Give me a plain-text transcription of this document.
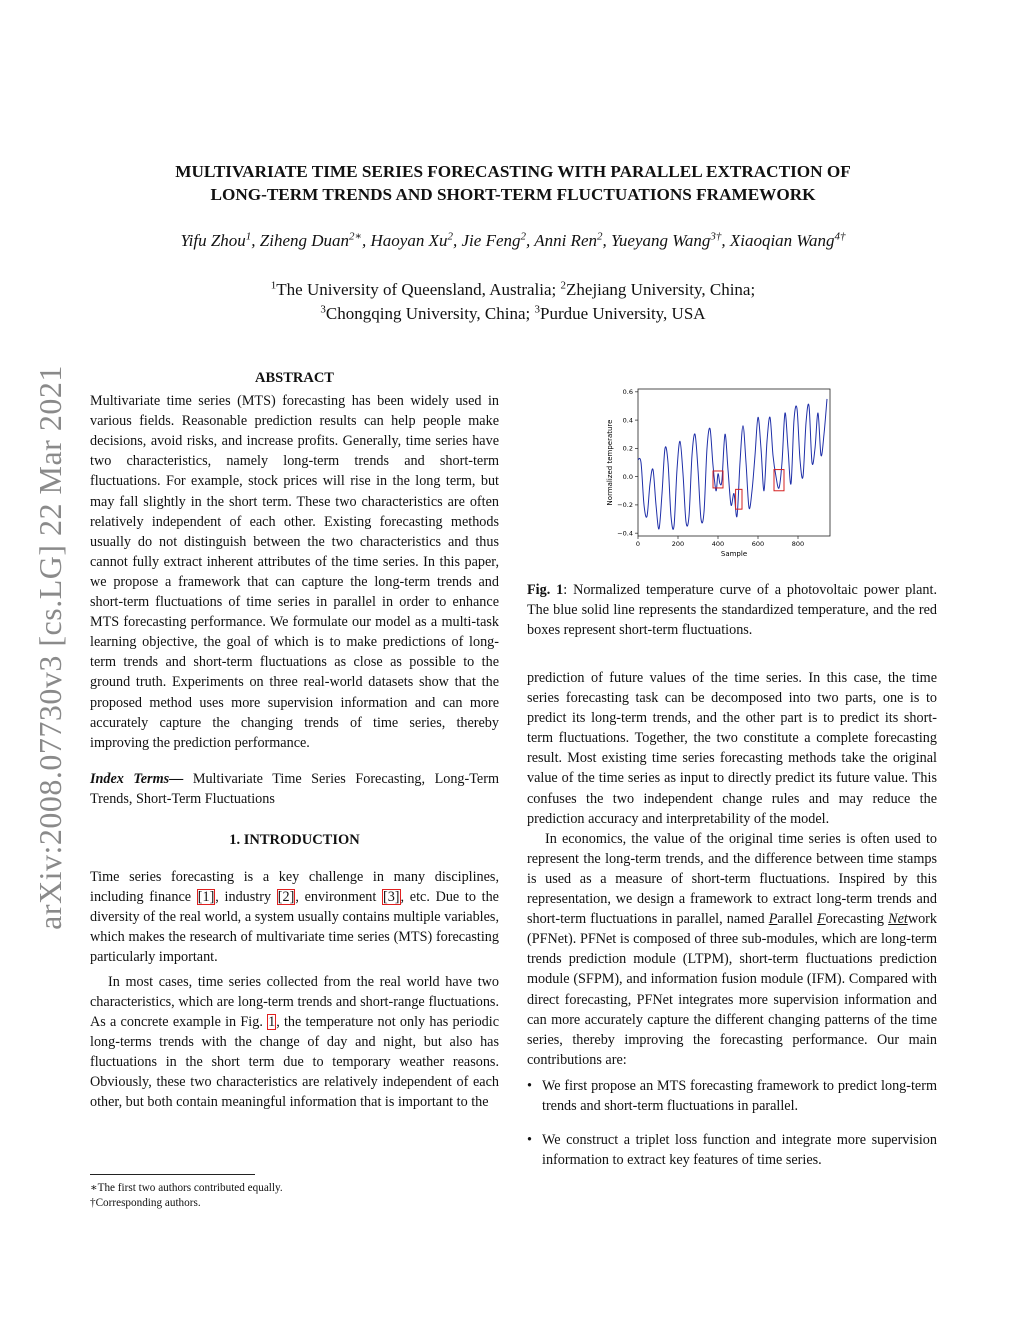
arXiv:2008.07730v3 [cs.LG] 22 Mar 2021
MULTIVARIATE TIME SERIES FORECASTING WITH PARALLEL EXTRACTION OF
LONG-TERM TRENDS AND SHORT-TERM FLUCTUATIONS FRAMEWORK
Yifu Zhou$^1$, Ziheng Duan$^{2∗}$, Haoyan Xu$^2$, Jie Feng$^2$, Anni Ren$^2$, Yueyang Wang$^{3\dagger}$, Xiaoqian Wang$^{4\dagger}$
$^1$The University of Queensland, Australia; $^2$Zhejiang University, China;
$^3$Chongqing University, China; $^3$Purdue University, USA

ABSTRACT

Multivariate time series (MTS) forecasting has been widely used in various fields. Reasonable prediction results can help people make decisions, avoid risks, and increase profits. Generally, time series have two characteristics, namely long-term trends and short-term fluctuations. For example, stock prices will rise in the long term, but may fall slightly in the short term. These two characteristics are often relatively independent of each other. Existing forecasting methods usually do not distinguish between the two characteristics and thus cannot fully extract inherent attributes of the time series. In this paper, we propose a framework that can capture the long-term trends and short-term fluctuations of time series in parallel in order to enhance MTS forecasting performance. We formulate our model as a multi-task learning objective, the goal of which is to make predictions of long-term trends and short-term fluctuations as close as possible to the ground truth. Experiments on three real-world datasets show that the proposed method uses more supervision information and can more accurately capture the changing trends of time series, thereby improving the prediction performance.

Index Terms— Multivariate Time Series Forecasting, Long-Term Trends, Short-Term Fluctuations

1. INTRODUCTION

Time series forecasting is a key challenge in many disciplines, including finance [1], industry [2], environment [3], etc. Due to the diversity of the real world, a system usually contains multiple variables, which makes the research of multivariate time series (MTS) forecasting particularly important.

In most cases, time series collected from the real world have two characteristics, which are long-term trends and short-range fluctuations. As a concrete example in Fig. 1, the temperature not only has periodic long-terms trends with the change of day and night, but also has fluctuations in the short term due to temporary weather reasons. Obviously, these two characteristics are relatively independent of each other, but both contain meaningful information that is important to the

∗The first two authors contributed equally.
†Corresponding authors.
0	200	400	600	800
−0.4
−0.2
0.0
0.2
0.4
0.6
Sample
Normalized temperature
Fig. 1: Normalized temperature curve of a photovoltaic power plant. The blue solid line represents the standardized temperature, and the red boxes represent short-term fluctuations.

prediction of future values of the time series. In this case, the time series forecasting task can be decomposed into two parts, one is to predict its long-term trends, and the other part is to predict its short-term fluctuations. Together, the two constitute a complete forecasting result. Most existing time series forecasting methods take the original value of the time series as input to directly predict its future value. This confuses the two independent change rules and may reduce the prediction accuracy and interpretability of the model.

In economics, the value of the original time series is often used to represent the long-term trends, and the difference between time stamps is used as a measure of short-term fluctuations. Inspired by this representation, we design a framework to extract long-term trends and short-term fluctuations in parallel, named Parallel Forecasting Network (PFNet). PFNet is composed of three sub-modules, which are long-term trends prediction module (LTPM), short-term fluctuations prediction module (SFPM), and information fusion module (IFM). Compared with direct forecasting, PFNet integrates more supervision information and can more accurately capture the different changing patterns of the time series, thereby improving the forecasting performance. Our main contributions are:

• We first propose an MTS forecasting framework to predict long-term trends and short-term fluctuations in parallel.
• We construct a triplet loss function and integrate more supervision information to extract key features of time series.
